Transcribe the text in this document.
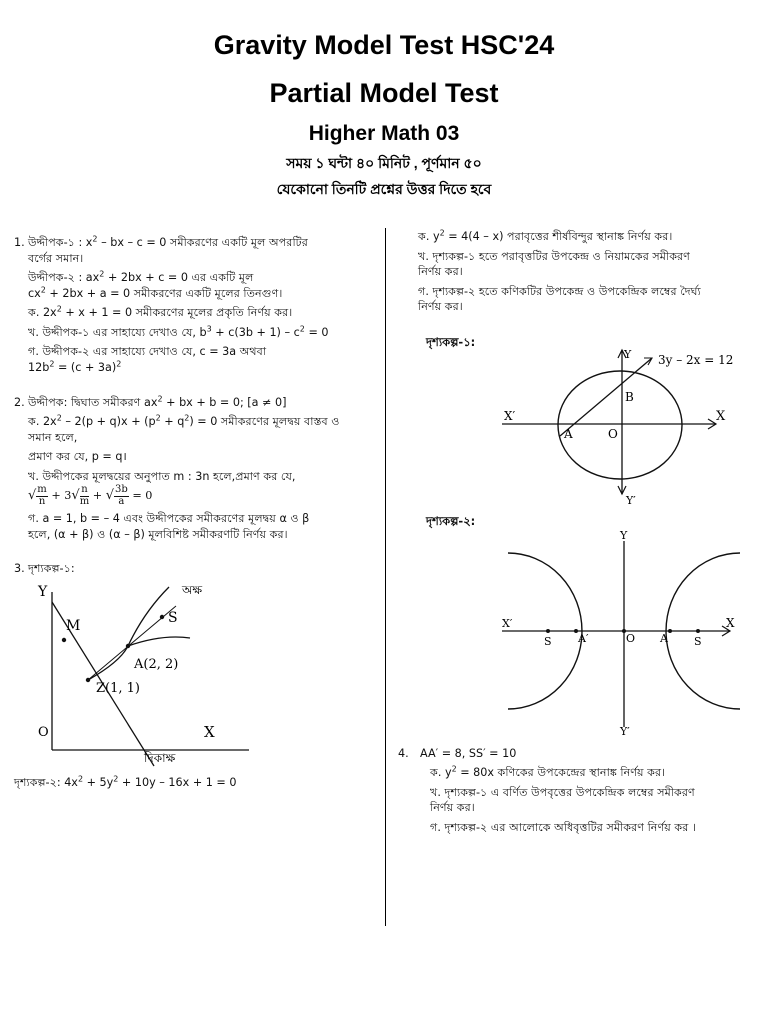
Gravity Model Test HSC'24
Partial Model Test
Higher Math 03
সময় ১ ঘন্টা ৪০ মিনিট , পূর্ণমান ৫০
যেকোনো তিনটি প্রশ্নের উত্তর দিতে হবে
1. উদ্দীপক-১ : $x^2$ – bx – c = 0 সমীকরণের একটি মূল অপরটির
বর্গের সমান।
উদ্দীপক-২ : $ax^2 + 2bx + c = 0$ এর একটি মূল
$cx^2 + 2bx + a = 0$ সমীকরণের একটি মূলের তিনগুণ।
ক. $2x^2 + x + 1 = 0$ সমীকরণের মূলের প্রকৃতি নির্ণয় কর।
খ. উদ্দীপক-১ এর সাহায্যে দেখাও যে, $b^3 + c(3b + 1) - c^2 = 0$
গ. উদ্দীপক-২ এর সাহায্যে দেখাও যে, c = 3a অথবা
$12b^2 = (c + 3a)^2$
2. উদ্দীপক: দ্বিঘাত সমীকরণ $ax^2$ + bx + b = 0; [a ≠ 0]
ক. $2x^2 - 2(p + q)x + (p^2 + q^2) = 0$ সমীকরণের মূলদ্বয় বাস্তব ও
সমান হলে,
প্রমাণ কর যে, p = q।
খ. উদ্দীপকের মূলদ্বয়ের অনুপাত m : 3n হলে,প্রমাণ কর যে,
√ $\frac{m}{n} + 3√ \frac{n}{m}$ + √ $\frac{3b}{a} = 0$
গ. a = 1, b = – 4 এবং উদ্দীপকের সমীকরণের মূলদ্বয় α ও β
হলে, (α + β) ও (α – β) মূলবিশিষ্ট সমীকরণটি নির্ণয় কর।
3. দৃশ্যকল্প-১:
Y	অক্ষ
M	S
A(2, 2)
Z(1, 1)
O	X
দিকাক্ষ
দৃশ্যকল্প-২: $4x^2 + 5y^2 + 10y - 16x + 1 = 0$
ক. $y^2 = 4(4 - x)$ পরাবৃত্তের শীর্ষবিন্দুর স্থানাঙ্ক নির্ণয় কর।
খ. দৃশ্যকল্প-১ হতে পরাবৃত্তটির উপকেন্দ্র ও নিয়ামকের সমীকরণ
নির্ণয় কর।
গ. দৃশ্যকল্প-২ হতে কণিকটির উপকেন্দ্র ও উপকেন্দ্রিক লম্বের দৈর্ঘ্য
নির্ণয় কর।
দৃশ্যকল্প-১:
Y 3y – 2x = 12
B
X′	X
A	O
Y′
দৃশ্যকল্প-২:
Y
X′	X
S A′	O A S
Y′
4.	AA′ = 8, SS′ = 10
ক. $y^2 = 80x$ কণিকের উপকেন্দ্রের স্থানাঙ্ক নির্ণয় কর।
খ. দৃশ্যকল্প-১ এ বর্ণিত উপবৃত্তের উপকেন্দ্রিক লম্বের সমীকরণ
নির্ণয় কর।
গ. দৃশ্যকল্প-২ এর আলোকে অধিবৃত্তটির সমীকরণ নির্ণয় কর ।
